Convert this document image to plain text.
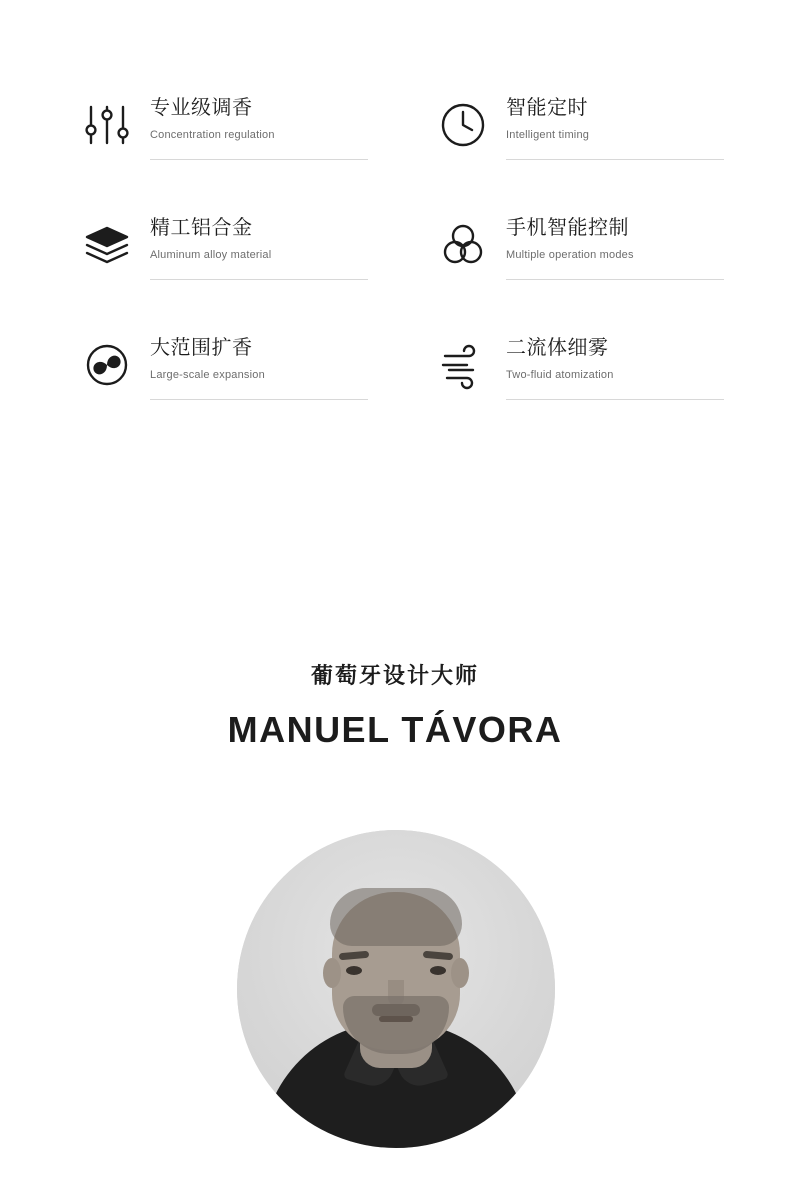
专业级调香
Concentration regulation
智能定时
Intelligent timing
精工铝合金
Aluminum alloy material
手机智能控制
Multiple operation modes
大范围扩香
Large-scale expansion
二流体细雾
Two-fluid atomization
葡萄牙设计大师
MANUEL TÁVORA
